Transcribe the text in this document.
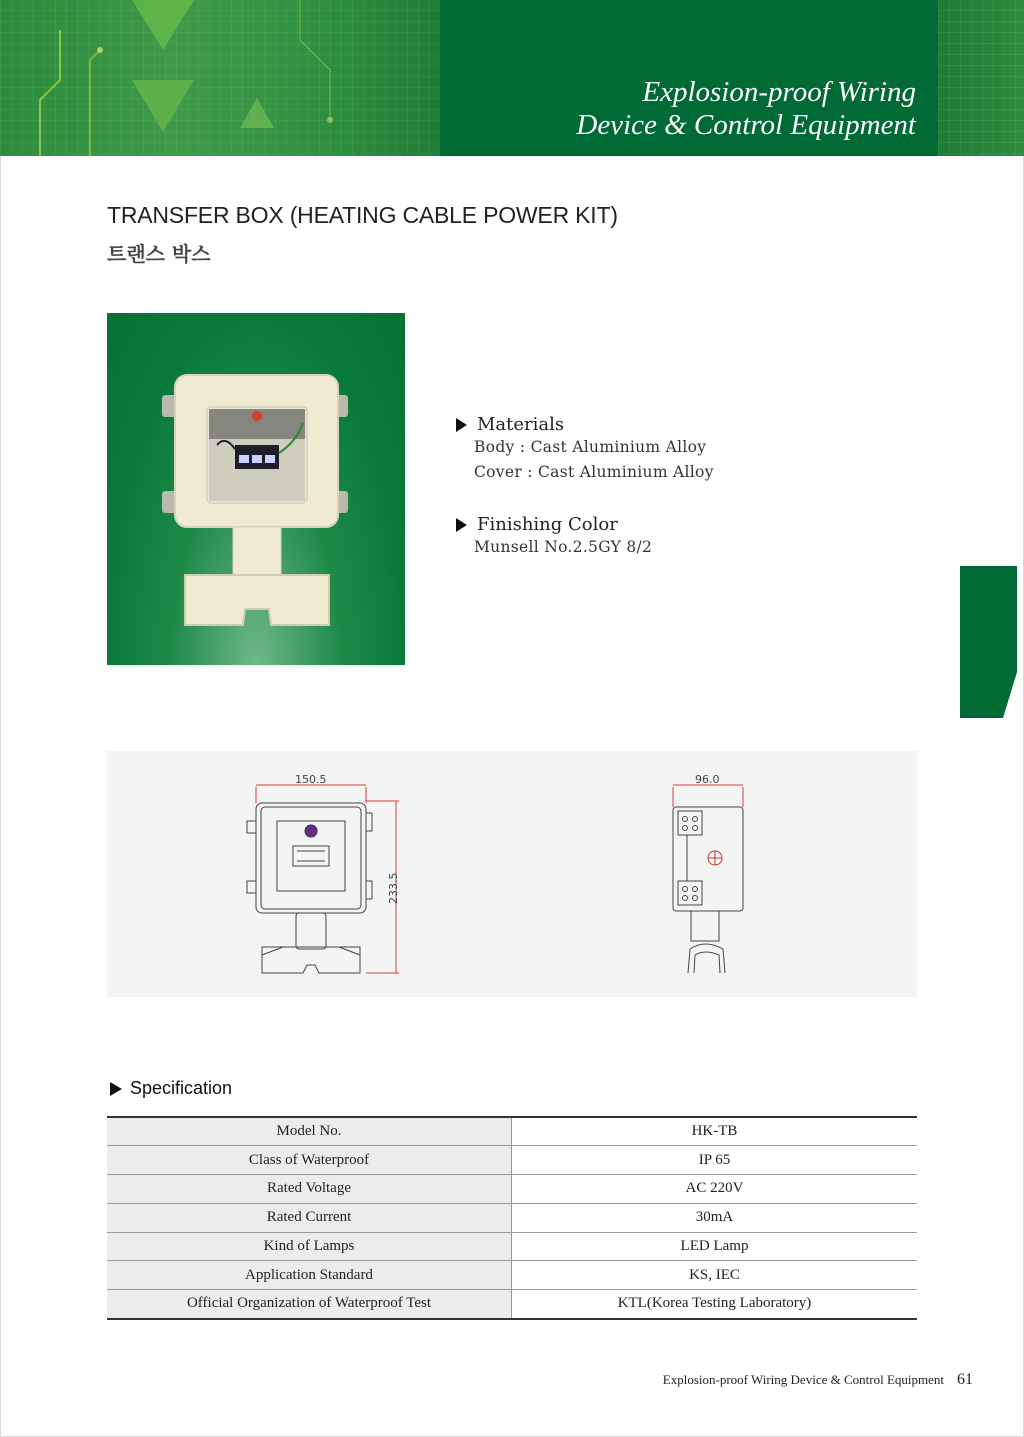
Explosion-proof Wiring
Device & Control Equipment
TRANSFER BOX (HEATING CABLE POWER KIT)
트랜스 박스
Materials
Body : Cast Aluminium Alloy
Cover : Cast Aluminium Alloy
Finishing Color
Munsell No.2.5GY 8/2
150.5
233.5
96.0
Specification
Model No.	HK-TB
Class of Waterproof	IP 65
Rated Voltage	AC 220V
Rated Current	30mA
Kind of Lamps	LED Lamp
Application Standard	KS, IEC
Official Organization of Waterproof Test	KTL(Korea Testing Laboratory)
Explosion-proof Wiring Device & Control Equipment 61
